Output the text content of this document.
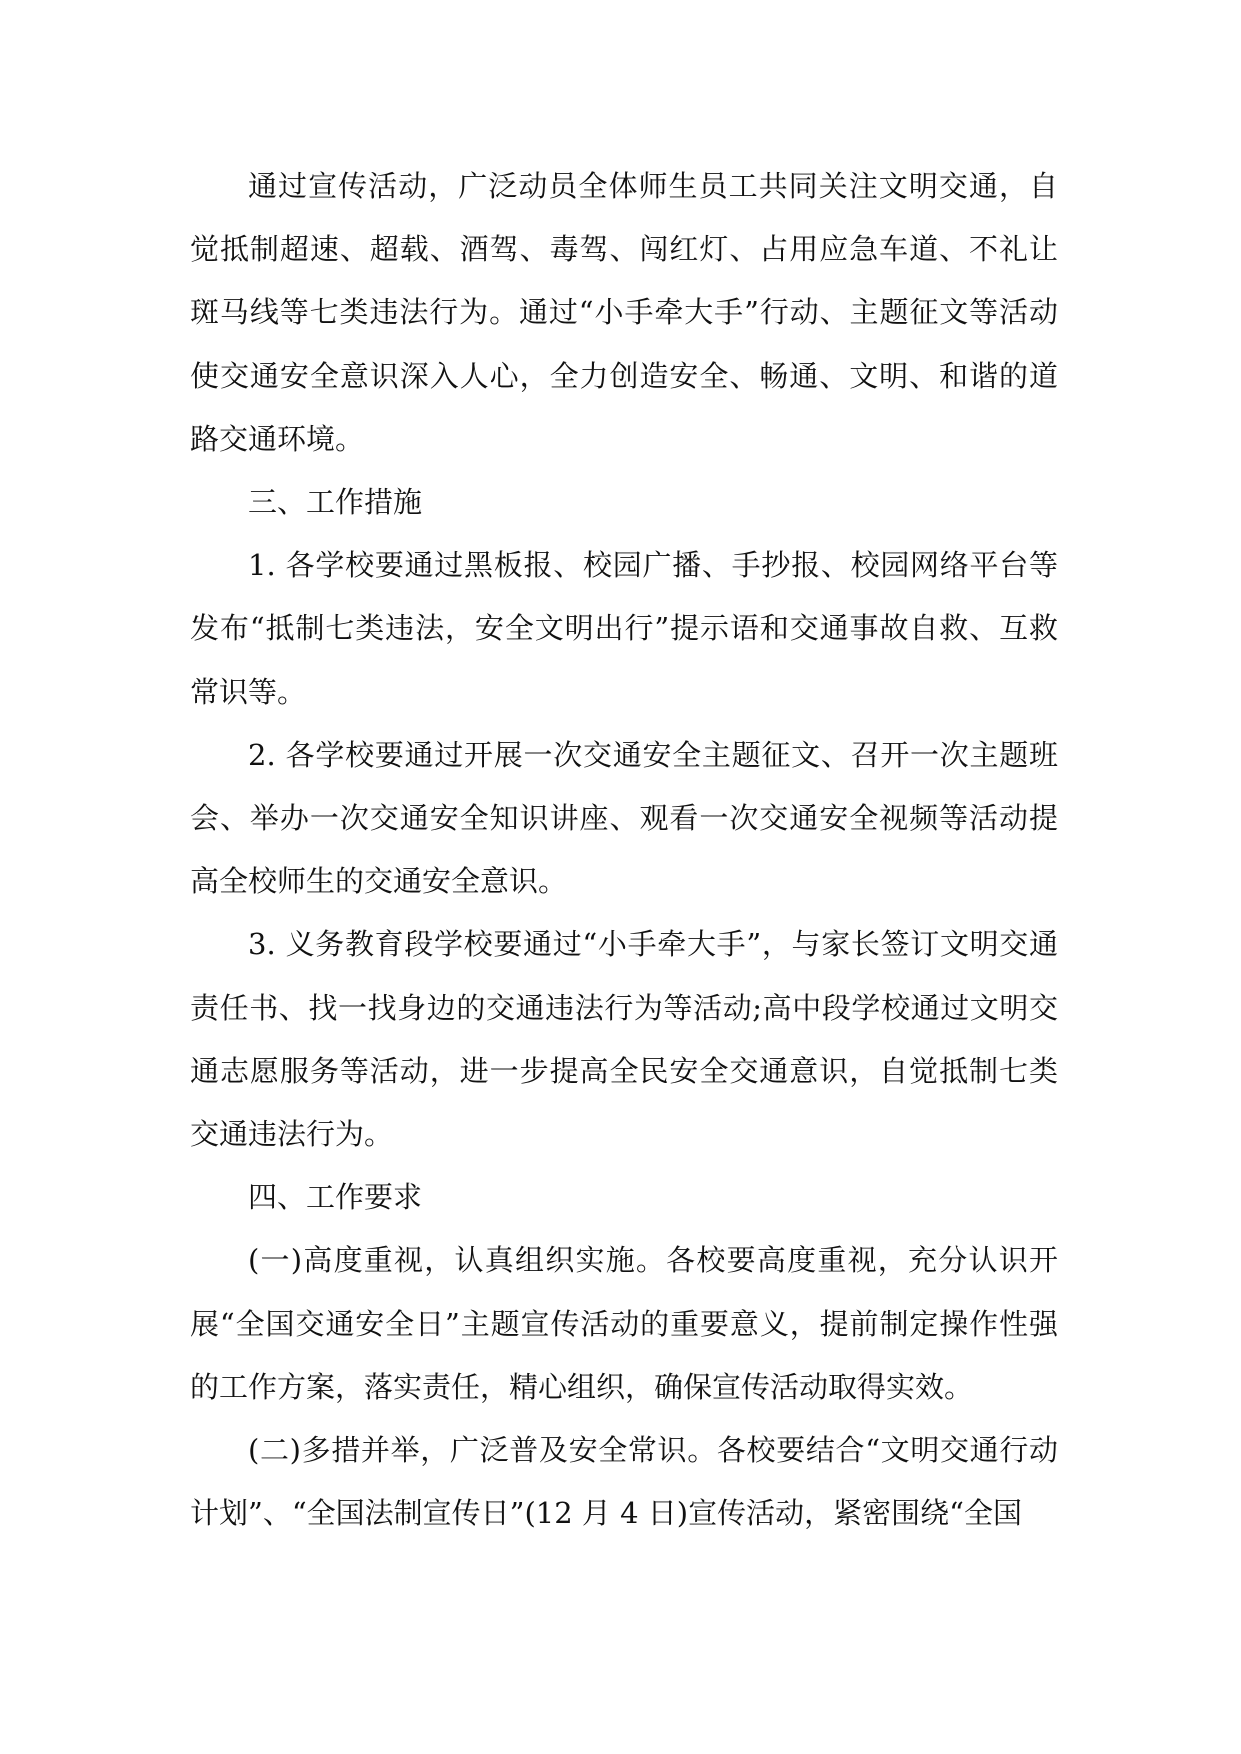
通过宣传活动，广泛动员全体师生员工共同关注文明交通，自觉抵制超速、超载、酒驾、毒驾、闯红灯、占用应急车道、不礼让斑马线等七类违法行为。通过“小手牵大手”行动、主题征文等活动使交通安全意识深入人心，全力创造安全、畅通、文明、和谐的道路交通环境。

三、工作措施

1. 各学校要通过黑板报、校园广播、手抄报、校园网络平台等发布“抵制七类违法，安全文明出行”提示语和交通事故自救、互救常识等。

2. 各学校要通过开展一次交通安全主题征文、召开一次主题班会、举办一次交通安全知识讲座、观看一次交通安全视频等活动提高全校师生的交通安全意识。

3. 义务教育段学校要通过“小手牵大手”，与家长签订文明交通责任书、找一找身边的交通违法行为等活动;高中段学校通过文明交通志愿服务等活动，进一步提高全民安全交通意识，自觉抵制七类交通违法行为。

四、工作要求

(一)高度重视，认真组织实施。各校要高度重视，充分认识开展“全国交通安全日”主题宣传活动的重要意义，提前制定操作性强的工作方案，落实责任，精心组织，确保宣传活动取得实效。

(二)多措并举，广泛普及安全常识。各校要结合“文明交通行动计划”、“全国法制宣传日”(12 月 4 日)宣传活动，紧密围绕“全国
